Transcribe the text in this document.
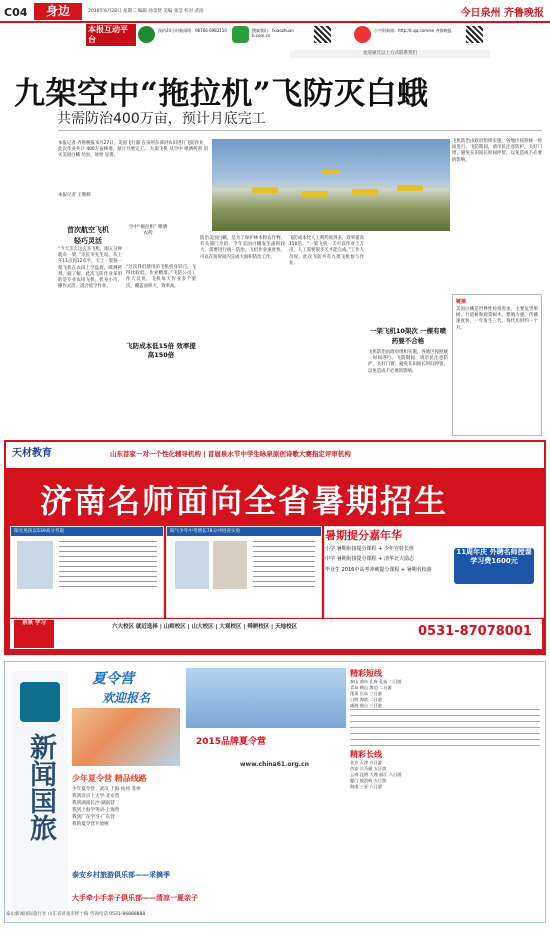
C04	身边	2016年6月28日 星期二 编辑 孙景贤 美编 张莹 校对 武清	今日泉州 齐鲁晚报
本报互动平台
预约24小时新闻线：96706 6982110	搜索我们：fxiaozhuan b.com.cn
小宇街新闻：http://t.qq.com/en 齐鲁晚报
欢迎通过以上方式联系我们
九架空中“拖拉机”飞防灭白蛾
共需防治400万亩，预计月底完工
本报记者 齐鲁晚报 6月27日，美国飞行器 在泉州东部对农田进行飞防作业，此次作业共计 400万亩林地，预计月底完工。 九架飞机 从空中 喷洒药剂 消灭美国白蛾 幼虫，效果 显著。
本报记者 王继辉
飞机防治由政府组织实施，各地区按照统一时间进行。飞防期间，请市民注意防护，关好门窗，避免在田间长时间停留，以免造成不必要的影响。
首次航空飞机
轻巧灵活
“今天怎么这么多飞机，刚五分钟就有一架。”市民李先生说。从上午11点到12点半，天上一架接一架飞机在农田上空盘旋，喷洒药剂。据了解，此次飞防作业采用的是专业农用飞机，机身小巧、操作灵活，适合低空作业。
空中“拖拉机” 喷洒农药
“这次我们使用的飞机机身轻巧，飞得比较低，作业精准。”飞防公司工作人员说，飞机每天作业多个架次，覆盖面积大，效率高。
飞防成本低15倍 效率提高150倍
防治美国白蛾，是为了保护林木和农作物。有关部门介绍，今年美国白蛾发生面积较大，需要进行统一防治。飞机作业速度快，可以在短时间内完成大面积防治工作。
飞防成本比人工喷药低得多，效率提高150倍。“一架飞机一天可以作业上万亩，人工需要很多天才能完成。”工作人员说。此次飞防共有九架飞机参与作业。
一架飞机10架次 一棵有喷药要不合格
飞机防治由政府组织实施，各地区按照统一时间进行。飞防期间，请市民注意防护，关好门窗，避免在田间长时间停留，以免造成不必要的影响。
链接
美国白蛾是世界性检疫害虫，主要危害果树、行道树和观赏树木，繁殖力强，传播速度快，一年发生三代，每代历时约一个月。
天材教育	山东首家一对一个性化辅导机构 | 首届泉水节中学生咏泉原创诗歌大赛指定评审机构
济南名师面向全省暑期招生
阳光男孩以539高分考取	阳气少年中考增长78分冲进省实验	暑期提分嘉年华
小学 暑期衔接提分课程 + 少年宫特长班
中学 暑期衔接提分课程 + 清华北大励志
毕业生 2016中高考冲刺提分课程 + 暑期名校游
11周年庆 外聘名师授课 学习费1600元
泉泉 学习
六大校区 就近选择 | 山师校区 | 山大校区 | 大观校区 | 舜耕校区 | 天地校区	0531-87078001
新闻国旅
夏令营
欢迎报名
2015品牌夏令营
www.china61.org.cn
少年夏令营 精品线路
少年夏令营：武汉 上海 杭州 苏州
我到北京上大学·北京营
我到湖南长沙·湖南营
我到上海学英语·上海营
我到广东学习·广东营
我的夏令营开始啦
泰安乡村旅游俱乐部——采摘季
大手牵小手亲子俱乐部——清凉一夏亲子
精彩短线
泰山 曲阜 孔府 孔庙 二日游
青岛 崂山 海边 二日游
蓬莱 长岛 三日游
日照 海滨 二日游
威海 烟台 三日游
精彩长线
北京 天津 五日游
西安 兵马俑 五日游
云南 昆明 大理 丽江 八日游
厦门 鼓浪屿 五日游
海南 三亚 六日游
泰山新闻国际旅行社 山东省济南市经十路 咨询电话 0531-86888888
